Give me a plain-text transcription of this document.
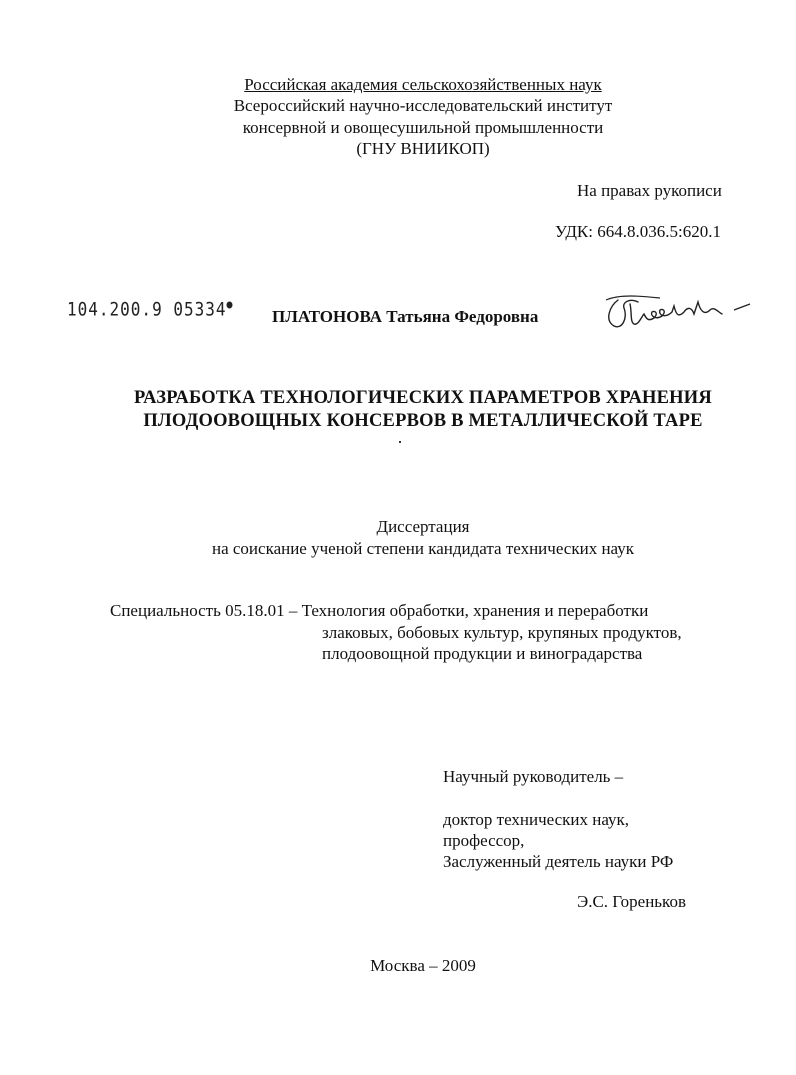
Российская академия сельскохозяйственных наук
Всероссийский научно-исследовательский институт
консервной и овощесушильной промышленности
(ГНУ ВНИИКОП)
На правах рукописи
УДК: 664.8.036.5:620.1
104.200.9 05334●
ПЛАТОНОВА Татьяна Федоровна
РАЗРАБОТКА ТЕХНОЛОГИЧЕСКИХ ПАРАМЕТРОВ ХРАНЕНИЯ
ПЛОДООВОЩНЫХ КОНСЕРВОВ В МЕТАЛЛИЧЕСКОЙ ТАРЕ
Диссертация
на соискание ученой степени кандидата технических наук
Специальность 05.18.01 – Технология обработки, хранения и переработки
злаковых, бобовых культур, крупяных продуктов,
плодоовощной продукции и виноградарства
Научный руководитель –
доктор технических наук,
профессор,
Заслуженный деятель науки РФ
Э.С. Гореньков
Москва – 2009
